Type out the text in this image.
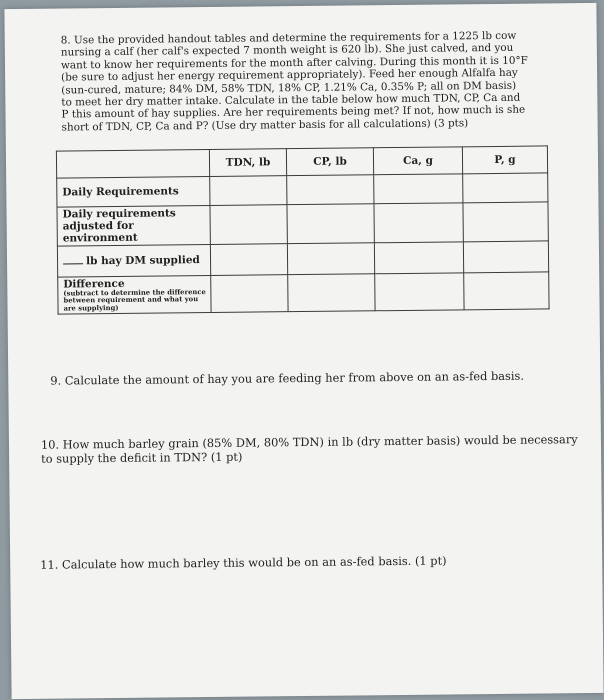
8. Use the provided handout tables and determine the requirements for a 1225 lb cow nursing a calf (her calf's expected 7 month weight is 620 lb). She just calved, and you want to know her requirements for the month after calving. During this month it is 10°F (be sure to adjust her energy requirement appropriately). Feed her enough Alfalfa hay (sun-cured, mature; 84% DM, 58% TDN, 18% CP, 1.21% Ca, 0.35% P; all on DM basis) to meet her dry matter intake. Calculate in the table below how much TDN, CP, Ca and P this amount of hay supplies. Are her requirements being met? If not, how much is she short of TDN, CP, Ca and P? (Use dry matter basis for all calculations) (3 pts)
	TDN, lb	CP, lb	Ca, g	P, g
Daily Requirements				
Daily requirements adjusted for environment				
lb hay DM supplied				
Difference
(subtract to determine the difference between requirement and what you are supplying)				

9. Calculate the amount of hay you are feeding her from above on an as-fed basis.
10. How much barley grain (85% DM, 80% TDN) in lb (dry matter basis) would be necessary to supply the deficit in TDN? (1 pt)
11. Calculate how much barley this would be on an as-fed basis. (1 pt)
